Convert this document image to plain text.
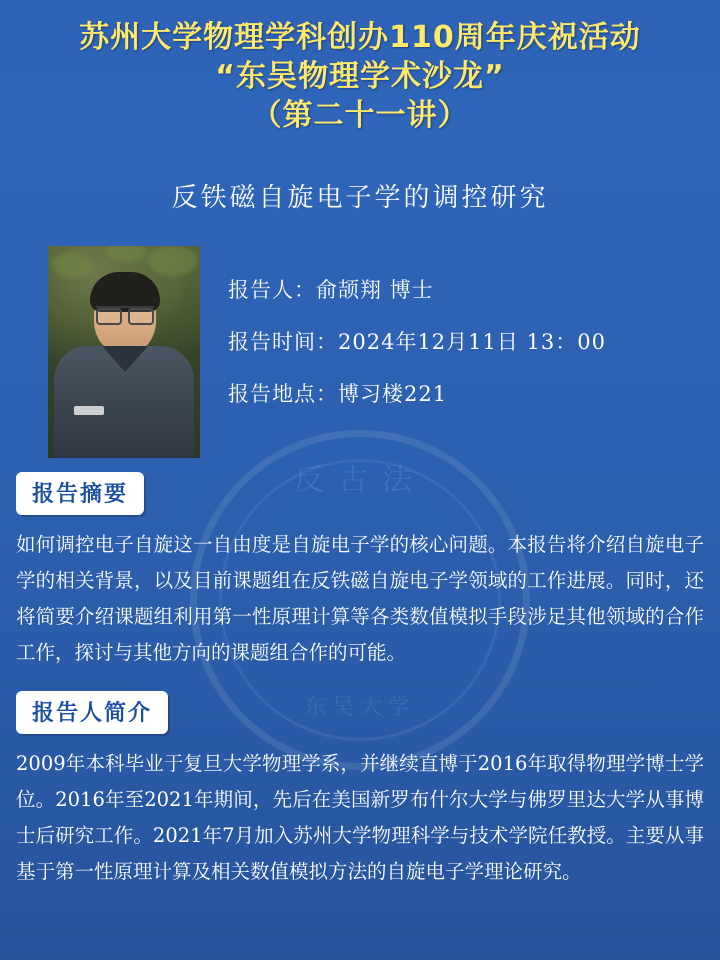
反古法
东吴大学
苏州大学物理学科创办110周年庆祝活动
“东吴物理学术沙龙”
（第二十一讲）
反铁磁自旋电子学的调控研究
报告人：俞颉翔 博士
报告时间：2024年12月11日 13：00
报告地点：博习楼221
报告摘要
如何调控电子自旋这一自由度是自旋电子学的核心问题。本报告将介绍自旋电子学的相关背景，以及目前课题组在反铁磁自旋电子学领域的工作进展。同时，还将简要介绍课题组利用第一性原理计算等各类数值模拟手段涉足其他领域的合作工作，探讨与其他方向的课题组合作的可能。
报告人简介
2009年本科毕业于复旦大学物理学系，并继续直博于2016年取得物理学博士学位。2016年至2021年期间，先后在美国新罗布什尔大学与佛罗里达大学从事博士后研究工作。2021年7月加入苏州大学物理科学与技术学院任教授。主要从事基于第一性原理计算及相关数值模拟方法的自旋电子学理论研究。
